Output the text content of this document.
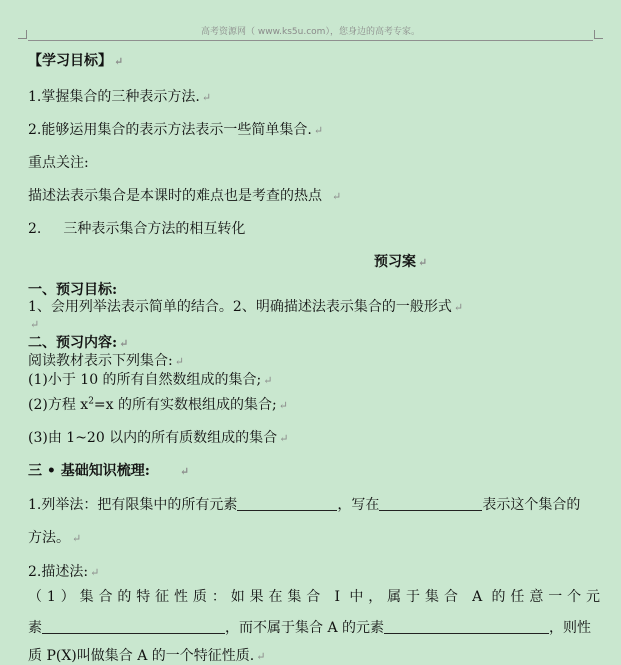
高考资源网（ www.ks5u.com），您身边的高考专家。
【学习目标】 ↵
1.掌握集合的三种表示方法. ↵
2.能够运用集合的表示方法表示一些简单集合. ↵
重点关注:
描述法表示集合是本课时的难点也是考查的热点 ↵
2. 三种表示集合方法的相互转化
预习案 ↵
一、预习目标:
1、会用列举法表示简单的结合。2、明确描述法表示集合的一般形式 ↵
↵
二、预习内容: ↵
阅读教材表示下列集合: ↵
(1)小于 10 的所有自然数组成的集合; ↵
(2)方程 $x^2=x$ 的所有实数根组成的集合; ↵
(3)由 1~20 以内的所有质数组成的集合 ↵
三 • 基础知识梳理:	↵
1.列举法：把有限集中的所有元素	，写在	表示这个集合的
方法。 ↵
2.描述法: ↵
（1）集合的特征性质：如果在集合 I 中，属于集合 A 的任意一个元
素	，而不属于集合 A 的元素	，则性
质 P(X)叫做集合 A 的一个特征性质. ↵
